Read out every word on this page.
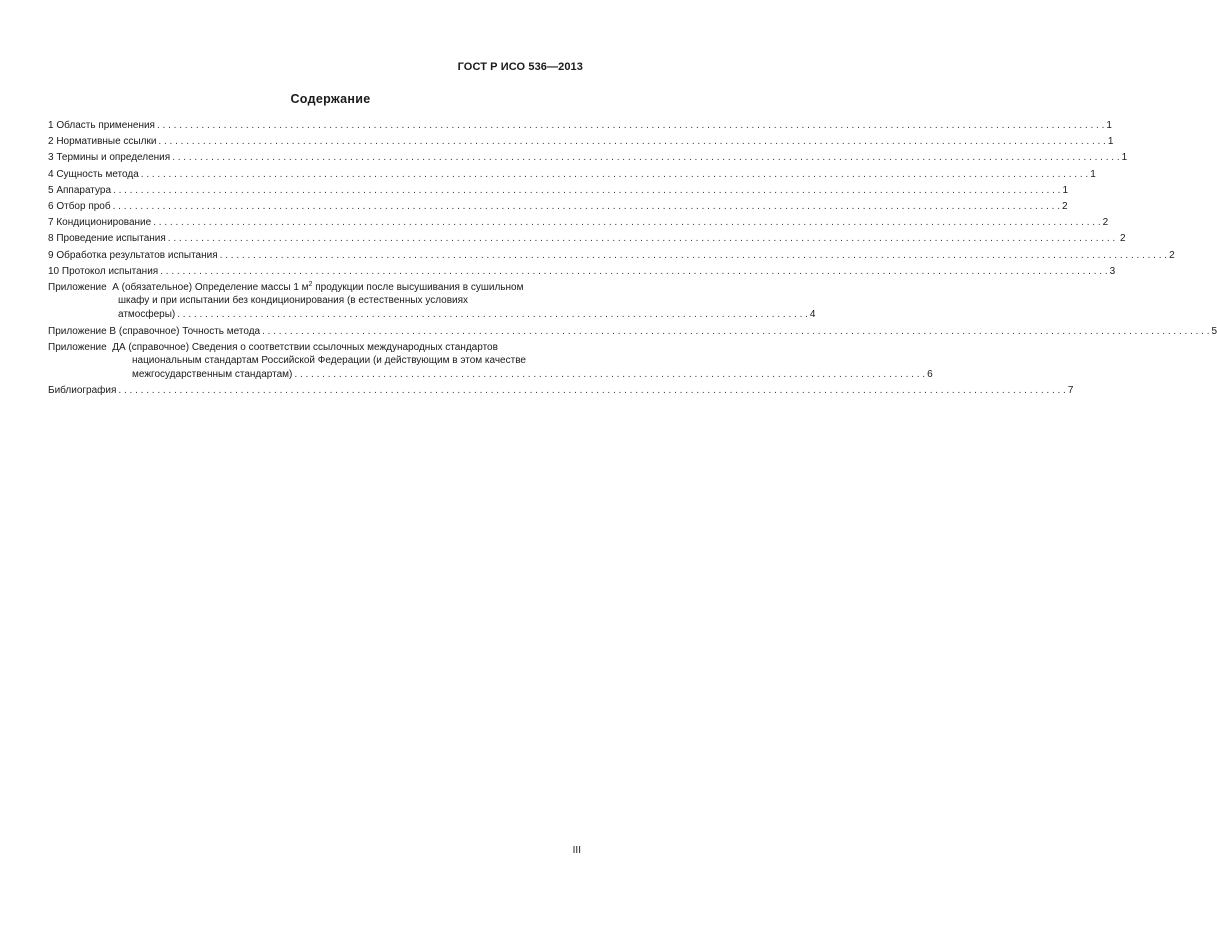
ГОСТ Р ИСО 536—2013
Содержание
1 Область применения . . .	1
2 Нормативные ссылки . . .	1
3 Термины и определения . . .	1
4 Сущность метода . . .	1
5 Аппаратура . . .	1
6 Отбор проб . . .	2
7 Кондиционирование . . .	2
8 Проведение испытания . . .	2
9 Обработка результатов испытания . . .	2
10 Протокол испытания . . .	3
Приложение  А (обязательное) Определение массы 1 $м^2$ продукции после высушивания в сушильном
шкафу и при испытании без кондиционирования (в естественных условиях
атмосферы) . . .	4
Приложение В (справочное) Точность метода . . .	5
Приложение  ДА (справочное) Сведения о соответствии ссылочных международных стандартов
национальным стандартам Российской Федерации (и действующим в этом качестве
межгосударственным стандартам) . . .	6
Библиография . . .	7
III
